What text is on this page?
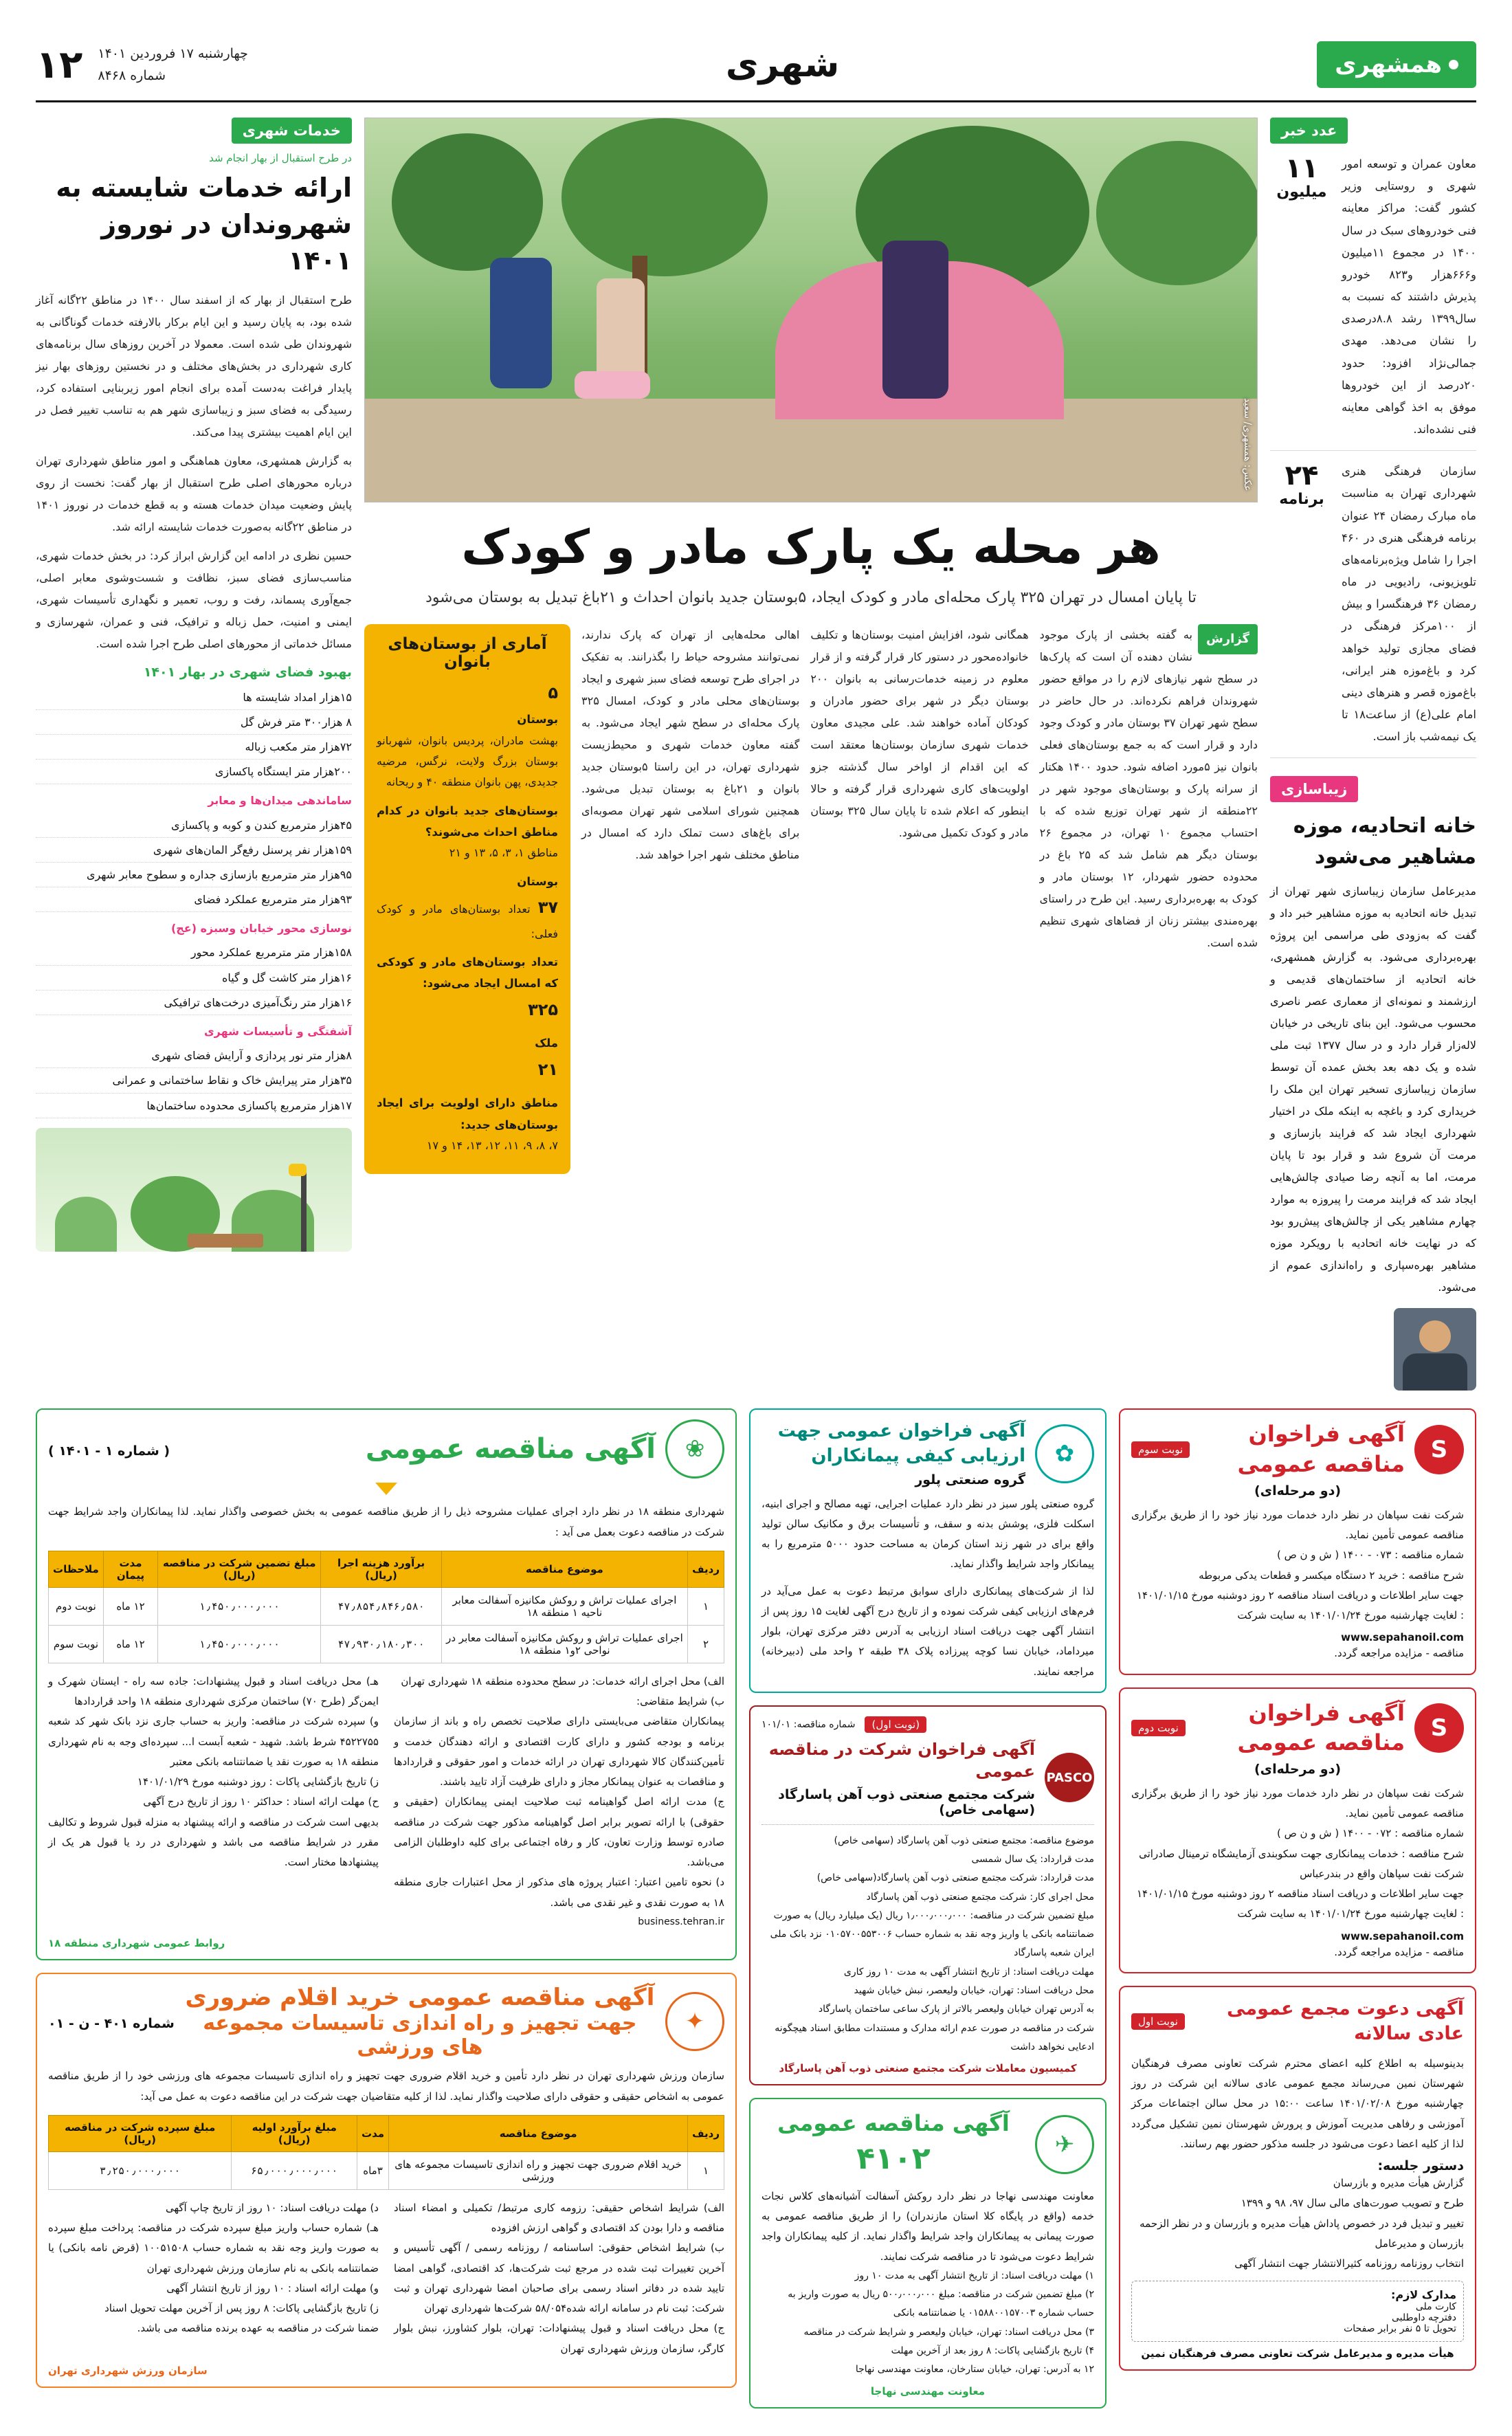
همشهری
شهری
چهارشنبه ۱۷ فروردین ۱۴۰۱
شماره ۸۴۶۸
۱۲
عدد خبر
معاون عمران و توسعه امور شهری و روستایی وزیر کشور گفت: مراکز معاینه فنی خودروهای سبک در سال ۱۴۰۰ در مجموع ۱۱میلیون و۶۶۶هزار و۸۲۳ خودرو پذیرش داشتند که نسبت به سال۱۳۹۹ رشد ۸.۸درصدی را نشان می‌دهد. مهدی جمالی‌نژاد افزود: حدود ۲۰درصد از این خودروها موفق به اخذ گواهی معاینه فنی نشده‌اند.
۱۱
میلیون
سازمان فرهنگی هنری شهرداری تهران به مناسبت ماه مبارک رمضان ۲۴ عنوان برنامه فرهنگی هنری در ۴۶۰ اجرا را شامل ویژه‌برنامه‌های تلویزیونی، رادیویی در ماه رمضان ۳۶ فرهنگسرا و بیش از ۱۰۰مرکز فرهنگی در فضای مجازی تولید خواهد کرد و باغ‌موزه هنر ایرانی، باغ‌موزه قصر و هنرهای دینی امام علی(ع) از ساعت۱۸ تا یک نیمه‌شب باز است.
۲۴
برنامه
زیباسازی
خانه اتحادیه، موزه مشاهیر می‌شود
مدیرعامل سازمان زیباسازی شهر تهران از تبدیل خانه اتحادیه به موزه مشاهیر خبر داد و گفت که به‌زودی طی مراسمی این پروژه بهره‌برداری می‌شود. به گزارش همشهری، خانه اتحادیه از ساختمان‌های قدیمی و ارزشمند و نمونه‌ای از معماری عصر ناصری محسوب می‌شود. این بنای تاریخی در خیابان لاله‌زار قرار دارد و در سال ۱۳۷۷ ثبت ملی شده و یک دهه بعد بخش عمده آن توسط سازمان زیباسازی تسخیر تهران این ملک را خریداری کرد و باغچه به اینکه ملک در اختیار شهرداری ایجاد شد که فرایند بازسازی و مرمت آن شروع شد و قرار بود تا پایان مرمت، اما به آنچه رضا صیادی چالش‌هایی ایجاد شد که فرایند مرمت را پیروزه به موارد چهارم مشاهیر یکی از چالش‌های پیش‌رو بود که در نهایت خانه اتحادیه با رویکرد موزه مشاهیر بهره‌سپاری و راه‌اندازی عموم از می‌شود.
عکس: همشهری/ سعید
هر محله یک پارک مادر و کودک
تا پایان امسال در تهران ۳۲۵ پارک محله‌ای مادر و کودک ایجاد، ۵بوستان جدید بانوان احداث و ۲۱باغ تبدیل به بوستان می‌شود
گزارش
به گفته بخشی از پارک موجود نشان دهنده آن است که پارک‌ها در سطح شهر نیازهای لازم را در مواقع حضور شهروندان فراهم نکرده‌اند. در حال حاضر در سطح شهر تهران ۳۷ بوستان مادر و کودک وجود دارد و قرار است که به جمع بوستان‌های فعلی بانوان نیز ۵مورد اضافه شود. حدود ۱۴۰۰ هکتار از سرانه پارک و بوستان‌های موجود شهر در ۲۲منطقه از شهر تهران توزیع شده که با احتساب مجموع ۱۰ تهران، در مجموع ۲۶ بوستان دیگر هم شامل شد که ۲۵ باغ در محدوده حضور شهردار، ۱۲ بوستان مادر و کودک به بهره‌برداری رسید. این طرح در راستای بهره‌مندی بیشتر زنان از فضاهای شهری تنظیم شده است.
همگانی شود، افزایش امنیت بوستان‌ها و تکلیف خانواده‌محور در دستور کار قرار گرفته و از قرار معلوم در زمینه خدمات‌رسانی به بانوان ۲۰۰ بوستان دیگر در شهر برای حضور مادران و کودکان آماده خواهند شد. علی مجیدی معاون خدمات شهری سازمان بوستان‌ها معتقد است که این اقدام از اواخر سال گذشته جزو اولویت‌های کاری شهرداری قرار گرفته و حالا اینطور که اعلام شده تا پایان سال ۳۲۵ بوستان مادر و کودک تکمیل می‌شود.
اهالی محله‌هایی از تهران که پارک ندارند، نمی‌توانند مشروحه حیاط را بگذرانند. به تفکیک در اجرای طرح توسعه فضای سبز شهری و ایجاد بوستان‌های محلی مادر و کودک، امسال ۳۲۵ پارک محله‌ای در سطح شهر ایجاد می‌شود. به گفته معاون خدمات شهری و محیط‌زیست شهرداری تهران، در این راستا ۵بوستان جدید بانوان و ۲۱باغ به بوستان تبدیل می‌شود. همچنین شورای اسلامی شهر تهران مصوبه‌ای برای باغ‌های دست تملک دارد که امسال در مناطق مختلف شهر اجرا خواهد شد.
آماری از بوستان‌های بانوان
۵
بوستان
بهشت مادران، پردیس بانوان، شهربانو بوستان بزرگ ولایت، نرگس، مرضیه جدیدی، پهن بانوان منطقه ۴۰ و ریحانه
بوستان‌های جدید بانوان در کدام مناطق احداث می‌شوند؟
مناطق ۱، ۳، ۵، ۱۳ و ۲۱
بوستان
۳۷ تعداد بوستان‌های مادر و کودک فعلی:
تعداد بوستان‌های مادر و کودکی که امسال ایجاد می‌شود:
۳۲۵
ملک
۲۱
مناطق دارای اولویت برای ایجاد بوستان‌های جدید:
۷، ۸، ۹، ۱۱، ۱۲، ۱۳، ۱۴ و ۱۷
خدمات شهری
در طرح استقبال از بهار انجام شد
ارائه خدمات شایسته به شهروندان در نوروز ۱۴۰۱
طرح استقبال از بهار که از اسفند سال ۱۴۰۰ در مناطق ۲۲گانه آغاز شده بود، به پایان رسید و این ایام برکار بالارفته خدمات گوناگانی به شهروندان طی شده است. معمولا در آخرین روزهای سال برنامه‌های کاری شهرداری در بخش‌های مختلف و در نخستین روزهای بهار نیز پایدار فراغت به‌دست آمده برای انجام امور زیربنایی استفاده کرد، رسیدگی به فضای سبز و زیباسازی شهر هم به تناسب تغییر فصل در این ایام اهمیت بیشتری پیدا می‌کند.
به گزارش همشهری، معاون هماهنگی و امور مناطق شهرداری تهران درباره محورهای اصلی طرح استقبال از بهار گفت: نخست از روی پایش وضعیت میدان خدمات هسته و به قطع خدمات در نوروز ۱۴۰۱ در مناطق ۲۲گانه به‌صورت خدمات شایسته ارائه شد.
حسین نظری در ادامه این گزارش ابراز کرد: در بخش خدمات شهری، مناسب‌سازی فضای سبز، نظافت و شست‌وشوی معابر اصلی، جمع‌آوری پسماند، رفت و روب، تعمیر و نگهداری تأسیسات شهری، ایمنی و امنیت، حمل زباله و ترافیک، فنی و عمران، شهرسازی و مسائل خدماتی از محورهای اصلی طرح اجرا شده است.
بهبود فضای شهری در بهار ۱۴۰۱
۱۵هزار امداد شایسته ها
۸ هزار۳۰۰ متر فرش گل
۷۲هزار متر مکعب زباله
۲۰۰هزار متر ایستگاه پاکسازی
ساماندهی میدان‌ها و معابر
۴۵هزار مترمربع کندن و کوبه و پاکسازی
۱۵۹هزار نفر پرسنل رفع‌گر المان‌های شهری
۹۵هزار متر مترمربع بازسازی جداره و سطوح معابر شهری
۹۳هزار متر مترمربع عملکرد فضای
نوسازی محور خیابان و‌سبزه (عج)
۱۵۸هزار متر مترمربع عملکرد محور
۱۶هزار متر کاشت گل و گیاه
۱۶هزار متر رنگ‌آمیزی درخت‌های ترافیکی
آشفتگی و تأسیسات شهری
۸هزار متر نور پردازی و آرایش فضای شهری
۳۵هزار متر پیرایش خاک و نقاط ساختمانی و عمرانی
۱۷هزار مترمربع پاکسازی محدوده ساختمان‌ها
S
آگهی فراخوان مناقصه عمومی
نوبت سوم
(دو مرحله‌ای)
شرکت نفت سپاهان در نظر دارد خدمات مورد نیاز خود را از طریق برگزاری مناقصه عمومی تأمین نماید.
شماره مناقصه : ۰۷۳ - ۱۴۰۰ ( ش و ن ص )
شرح مناقصه : خرید ۲ دستگاه میکسر و قطعات یدکی مربوطه
جهت سایر اطلاعات و دریافت اسناد مناقصه ۲ روز دوشنبه مورخ ۱۴۰۱/۰۱/۱۵ : لغایت چهارشنبه مورخ ۱۴۰۱/۰۱/۲۴ به سایت شرکت
www.sepahanoil.com
مناقصه - مزایده مراجعه گردد.
S
آگهی فراخوان مناقصه عمومی
نوبت دوم
(دو مرحله‌ای)
شرکت نفت سپاهان در نظر دارد خدمات مورد نیاز خود را از طریق برگزاری مناقصه عمومی تأمین نماید.
شماره مناقصه : ۰۷۲ - ۱۴۰۰ ( ش و ن ص )
شرح مناقصه : خدمات پیمانکاری جهت سکوبندی آزمایشگاه ترمینال صادراتی شرکت نفت سپاهان واقع در بندرعباس
جهت سایر اطلاعات و دریافت اسناد مناقصه ۲ روز دوشنبه مورخ ۱۴۰۱/۰۱/۱۵ : لغایت چهارشنبه مورخ ۱۴۰۱/۰۱/۲۴ به سایت شرکت
www.sepahanoil.com
مناقصه - مزایده مراجعه گردد.
آگهی دعوت مجمع عمومی عادی سالانه
نوبت اول
بدینوسیله به اطلاع کلیه اعضای محترم شرکت تعاونی مصرف فرهنگیان شهرستان نمین می‌رساند مجمع عمومی عادی سالانه این شرکت در روز چهارشنبه مورخ ۱۴۰۱/۰۲/۰۸ ساعت ۱۵:۰۰ در محل سالن اجتماعات مرکز آموزشی و رفاهی مدیریت آموزش و پرورش شهرستان نمین تشکیل می‌گردد لذا از کلیه اعضا دعوت می‌شود در جلسه مذکور حضور بهم رسانند.
دستور جلسه:
گزارش هیأت مدیره و بازرسان
طرح و تصویب صورت‌های مالی سال ۹۷، ۹۸ و ۱۳۹۹
تغییر و تبدیل فرد در خصوص پاداش هیأت مدیره و بازرسان و در نظر الزحمه بازرسان و مدیرعامل
انتخاب روزنامه روزنامه کثیرالانتشار جهت انتشار آگهی
مدارک لازم:
کارت ملی
دفترچه داوطلبی
تحویل تا ۵ نفر برابر صفحات
هیأت مدیره و مدیرعامل شرکت تعاونی مصرف فرهنگیان نمین
✿
آگهی فراخوان عمومی جهت ارزیابی کیفی پیمانکاران
گروه صنعتی پلور
گروه صنعتی پلور سبز در نظر دارد عملیات اجرایی، تهیه مصالح و اجرای ابنیه، اسکلت فلزی، پوشش بدنه و سقف، و تأسیسات برق و مکانیک سالن تولید واقع برای در شهر زند استان کرمان به مساحت حدود ۵۰۰۰ مترمربع را به پیمانکار واجد شرایط واگذار نماید.
لذا از شرکت‌های پیمانکاری دارای سوابق مرتبط دعوت به عمل می‌آید در فرم‌های ارزیابی کیفی شرکت نموده و از تاریخ درج آگهی لغایت ۱۵ روز پس از انتشار آگهی جهت دریافت اسناد ارزیابی به آدرس دفتر مرکزی تهران، بلوار میرداماد، خیابان نسا کوچه پیرزاده پلاک ۳۸ طبقه ۲ واحد ملی (دبیرخانه) مراجعه نمایند.
(نوبت اول)
شماره مناقصه: ۱۰۱/۰۱
PASCO
آگهی فراخوان شرکت در مناقصه عمومی
شرکت مجتمع صنعتی ذوب آهن پاسارگاد (سهامی خاص)
موضوع مناقصه: مجتمع صنعتی ذوب آهن پاسارگاد (سهامی خاص)
مدت قرارداد: یک سال شمسی
مدت قرارداد: شرکت مجتمع صنعتی ذوب آهن پاسارگاد(سهامی خاص)
محل اجرای کار: شرکت مجتمع صنعتی ذوب آهن پاسارگاد
مبلغ تضمین شرکت در مناقصه: ۱٫۰۰۰٫۰۰۰٫۰۰۰ ریال (یک میلیارد ریال) به صورت ضمانتنامه بانکی یا واریز وجه نقد به شماره حساب ۰۱۰۵۷۰۰۵۵۳۰۰۶ نزد بانک ملی ایران شعبه پاسارگاد
مهلت دریافت اسناد: از تاریخ انتشار آگهی به مدت ۱۰ روز کاری
محل دریافت اسناد: تهران، خیابان ولیعصر، نبش خیابان شهید
به آدرس تهران خیابان ولیعصر بالاتر از پارک ساعی ساختمان پاسارگاد
شرکت در مناقصه در صورت عدم ارائه مدارک و مستندات مطابق اسناد هیچگونه ادعایی نخواهد داشت
کمیسیون معاملات شرکت مجتمع صنعتی ذوب آهن پاسارگاد
✈
آگهی مناقصه عمومی
۴۱۰۲
معاونت مهندسی نهاجا در نظر دارد روکش آسفالت آشیانه‌های کلاس نجات خدمه (واقع در پایگاه کلا استان مازندران) را از طریق مناقصه عمومی به صورت پیمانی به پیمانکاران واجد شرایط واگذار نماید. از کلیه پیمانکاران واجد شرایط دعوت می‌شود تا در مناقصه شرکت نمایند.
۱) مهلت دریافت اسناد: از تاریخ انتشار آگهی به مدت ۱۰ روز
۲) مبلغ تضمین شرکت در مناقصه: مبلغ ۵۰۰٫۰۰۰٫۰۰۰ ریال به صورت واریز به حساب شماره ۰۱۵۸۸۰۰۱۵۷۰۰۳ یا ضمانتنامه بانکی
۳) محل دریافت اسناد: تهران، خیابان ولیعصر و شرایط شرکت در مناقصه
۴) تاریخ بازگشایی پاکات: ۸ روز بعد از آخرین مهلت
۱۲ به آدرس: تهران، خیابان ستارخان، معاونت مهندسی نهاجا
معاونت مهندسی نهاجا
❀
آگهی مناقصه عمومی
( شماره ۱ - ۱۴۰۱ )
شهرداری منطقه ۱۸ در نظر دارد اجرای عملیات مشروحه ذیل را از طریق مناقصه عمومی به بخش خصوصی واگذار نماید. لذا پیمانکاران واجد شرایط جهت شرکت در مناقصه دعوت بعمل می آید :
ردیف	موضوع مناقصه	برآورد هزینه اجرا (ریال)	مبلغ تضمین شرکت در مناقصه (ریال)	مدت پیمان	ملاحظات
۱	اجرای عملیات تراش و روکش مکانیزه آسفالت معابر ناحیه ۱ منطقه ۱۸	۴۷٫۸۵۴٫۸۴۶٫۵۸۰	۱٫۴۵۰٫۰۰۰٫۰۰۰	۱۲ ماه	نوبت دوم
۲	اجرای عملیات تراش و روکش مکانیزه آسفالت معابر در نواحی ۲و۱ منطقه ۱۸	۴۷٫۹۳۰٫۱۸۰٫۳۰۰	۱٫۴۵۰٫۰۰۰٫۰۰۰	۱۲ ماه	نوبت سوم
الف) محل اجرای ارائه خدمات: در سطح محدوده منطقه ۱۸ شهرداری تهران
ب) شرایط متقاضی:
پیمانکاران متقاضی می‌بایستی دارای صلاحیت تخصص راه و باند از سازمان برنامه و بودجه کشور و دارای کارت اقتصادی و ارائه دهندگان خدمت و تأمین‌کنندگان کالا شهرداری تهران در ارائه خدمات و امور حقوقی و قراردادها و مناقصات به عنوان پیمانکار مجاز و دارای ظرفیت آزاد تایید باشند.
ج) مدت ارائه اصل گواهینامه ثبت صلاحیت ایمنی پیمانکاران (حقیقی و حقوقی) با ارائه تصویر برابر اصل گواهینامه مذکور جهت شرکت در مناقصه صادره توسط وزارت تعاون، کار و رفاه اجتماعی برای کلیه داوطلبان الزامی می‌باشد.
د) نحوه تامین اعتبار: اعتبار پروژه های مذکور از محل اعتبارات جاری منطقه ۱۸ به صورت نقدی و غیر نقدی می باشد.
هـ) محل دریافت اسناد و قبول پیشنهادات: جاده سه راه - ایستان شهرک و ایمن‌گر (طرح ۷۰) ساختمان مرکزی شهرداری منطقه ۱۸ واحد قراردادها
و) سپرده شرکت در مناقصه: واریز به حساب جاری نزد بانک شهر کد شعبه ۴۵۲۲۷۵۵ شرط باشد. شهید - شعبه آبست ا... سپرده‌ای وجه به نام شهرداری منطقه ۱۸ به صورت نقد یا ضمانتنامه بانکی معتبر
ز) تاریخ بازگشایی پاکات : روز دوشنبه مورخ ۱۴۰۱/۰۱/۲۹
ح) مهلت ارائه اسناد : حداکثر ۱۰ روز از تاریخ درج آگهی
بدیهی است شرکت در مناقصه و ارائه پیشنهاد به منزله قبول شروط و تکالیف مقرر در شرایط مناقصه می باشد و شهرداری در رد یا قبول هر یک از پیشنهادها مختار است.
business.tehran.ir
روابط عمومی شهرداری منطقه ۱۸
✦
آگهی مناقصه عمومی خرید اقلام ضروری
جهت تجهیز و راه اندازی تاسیسات مجموعه های ورزشی
شماره ۴۰۱ - ن - ۰۱
سازمان ورزش شهرداری تهران در نظر دارد تأمین و خرید اقلام ضروری جهت تجهیز و راه اندازی تاسیسات مجموعه های ورزشی خود را از طریق مناقصه عمومی به اشخاص حقیقی و حقوقی دارای صلاحیت واگذار نماید. لذا از کلیه متقاضیان جهت شرکت در این مناقصه دعوت به عمل می آید:
ردیف	موضوع مناقصه	مدت	مبلغ برآورد اولیه (ریال)	مبلغ سپرده شرکت در مناقصه (ریال)
۱	خرید اقلام ضروری جهت تجهیز و راه اندازی تاسیسات مجموعه های ورزشی	۳ماه	۶۵٫۰۰۰٫۰۰۰٫۰۰۰	۳٫۲۵۰٫۰۰۰٫۰۰۰
الف) شرایط اشخاص حقیقی: رزومه کاری مرتبط/ تکمیلی و امضاء اسناد مناقصه و دارا بودن کد اقتصادی و گواهی ارزش افزوده
ب) شرایط اشخاص حقوقی: اساسنامه / روزنامه رسمی / آگهی تأسیس و آخرین تغییرات ثبت شده در مرجع ثبت شرکت‌ها، کد اقتصادی، گواهی امضا تایید شده در دفاتر اسناد رسمی برای صاحبان امضا شهرداری تهران و ثبت شرکت: ثبت نام در سامانه ارائه شده۵۸/۰۵۴ شرکت‌ها شهرداری تهران
ج) محل دریافت اسناد و قبول پیشنهادات: تهران، بلوار کشاورز، نبش بلوار کارگر، سازمان ورزش شهرداری تهران
د) مهلت دریافت اسناد: ۱۰ روز از تاریخ چاپ آگهی
هـ) شماره حساب واریز مبلغ سپرده شرکت در مناقصه: پرداخت مبلغ سپرده به صورت واریز وجه نقد به شماره حساب ۱۰۰۵۱۵۰۸ (قرض نامه بانکی) یا ضمانتنامه بانکی به نام سازمان ورزش شهرداری تهران
و) مهلت ارائه اسناد : ۱۰ روز از تاریخ انتشار آگهی
ز) تاریخ بازگشایی پاکات: ۸ روز پس از آخرین مهلت تحویل اسناد
ضمنا شرکت در مناقصه به عهده برنده مناقصه می باشد.
سازمان ورزش شهرداری تهران
